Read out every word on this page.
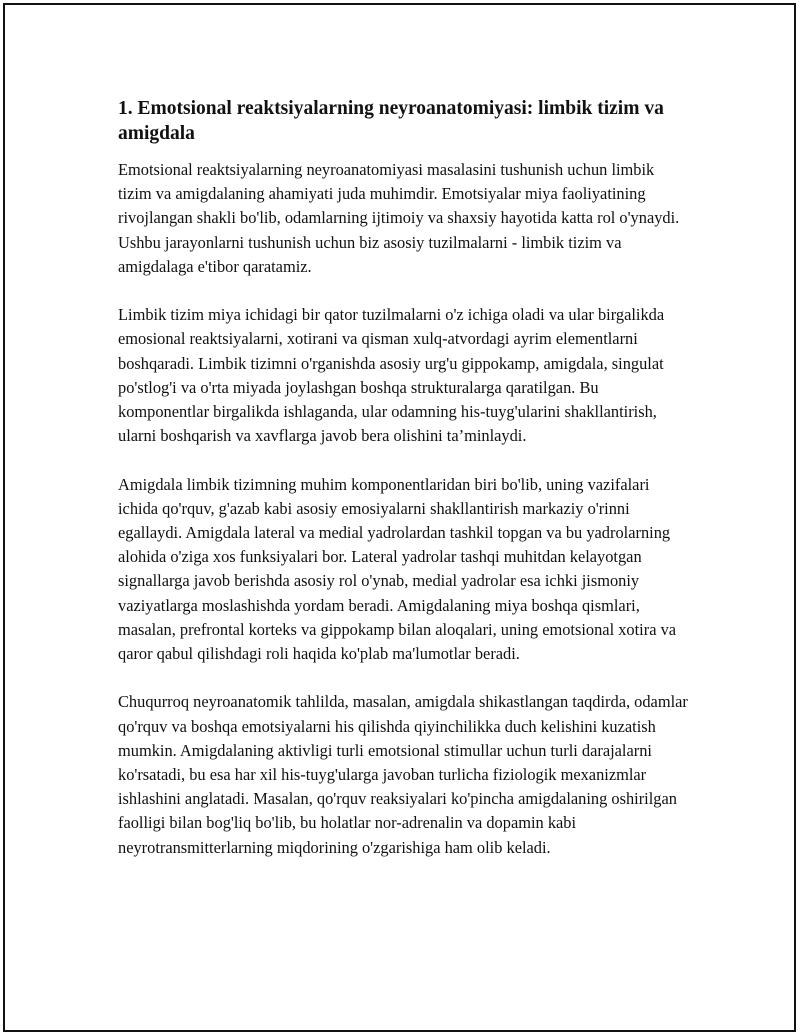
1. Emotsional reaktsiyalarning neyroanatomiyasi: limbik tizim va amigdala

Emotsional reaktsiyalarning neyroanatomiyasi masalasini tushunish uchun limbik tizim va amigdalaning ahamiyati juda muhimdir. Emotsiyalar miya faoliyatining rivojlangan shakli bo'lib, odamlarning ijtimoiy va shaxsiy hayotida katta rol o'ynaydi. Ushbu jarayonlarni tushunish uchun biz asosiy tuzilmalarni - limbik tizim va amigdalaga e'tibor qaratamiz.

Limbik tizim miya ichidagi bir qator tuzilmalarni o'z ichiga oladi va ular birgalikda emosional reaktsiyalarni, xotirani va qisman xulq-atvordagi ayrim elementlarni boshqaradi. Limbik tizimni o'rganishda asosiy urg'u gippokamp, amigdala, singulat po'stlog'i va o'rta miyada joylashgan boshqa strukturalarga qaratilgan. Bu komponentlar birgalikda ishlaganda, ular odamning his-tuyg'ularini shakllantirish, ularni boshqarish va xavflarga javob bera olishini ta’minlaydi.

Amigdala limbik tizimning muhim komponentlaridan biri bo'lib, uning vazifalari ichida qo'rquv, g'azab kabi asosiy emosiyalarni shakllantirish markaziy o'rinni egallaydi. Amigdala lateral va medial yadrolardan tashkil topgan va bu yadrolarning alohida o'ziga xos funksiyalari bor. Lateral yadrolar tashqi muhitdan kelayotgan signallarga javob berishda asosiy rol o'ynab, medial yadrolar esa ichki jismoniy vaziyatlarga moslashishda yordam beradi. Amigdalaning miya boshqa qismlari, masalan, prefrontal korteks va gippokamp bilan aloqalari, uning emotsional xotira va qaror qabul qilishdagi roli haqida ko'plab ma'lumotlar beradi.

Chuqurroq neyroanatomik tahlilda, masalan, amigdala shikastlangan taqdirda, odamlar qo'rquv va boshqa emotsiyalarni his qilishda qiyinchilikka duch kelishini kuzatish mumkin. Amigdalaning aktivligi turli emotsional stimullar uchun turli darajalarni ko'rsatadi, bu esa har xil his-tuyg'ularga javoban turlicha fiziologik mexanizmlar ishlashini anglatadi. Masalan, qo'rquv reaksiyalari ko'pincha amigdalaning oshirilgan faolligi bilan bog'liq bo'lib, bu holatlar nor-adrenalin va dopamin kabi neyrotransmitterlarning miqdorining o'zgarishiga ham olib keladi.
